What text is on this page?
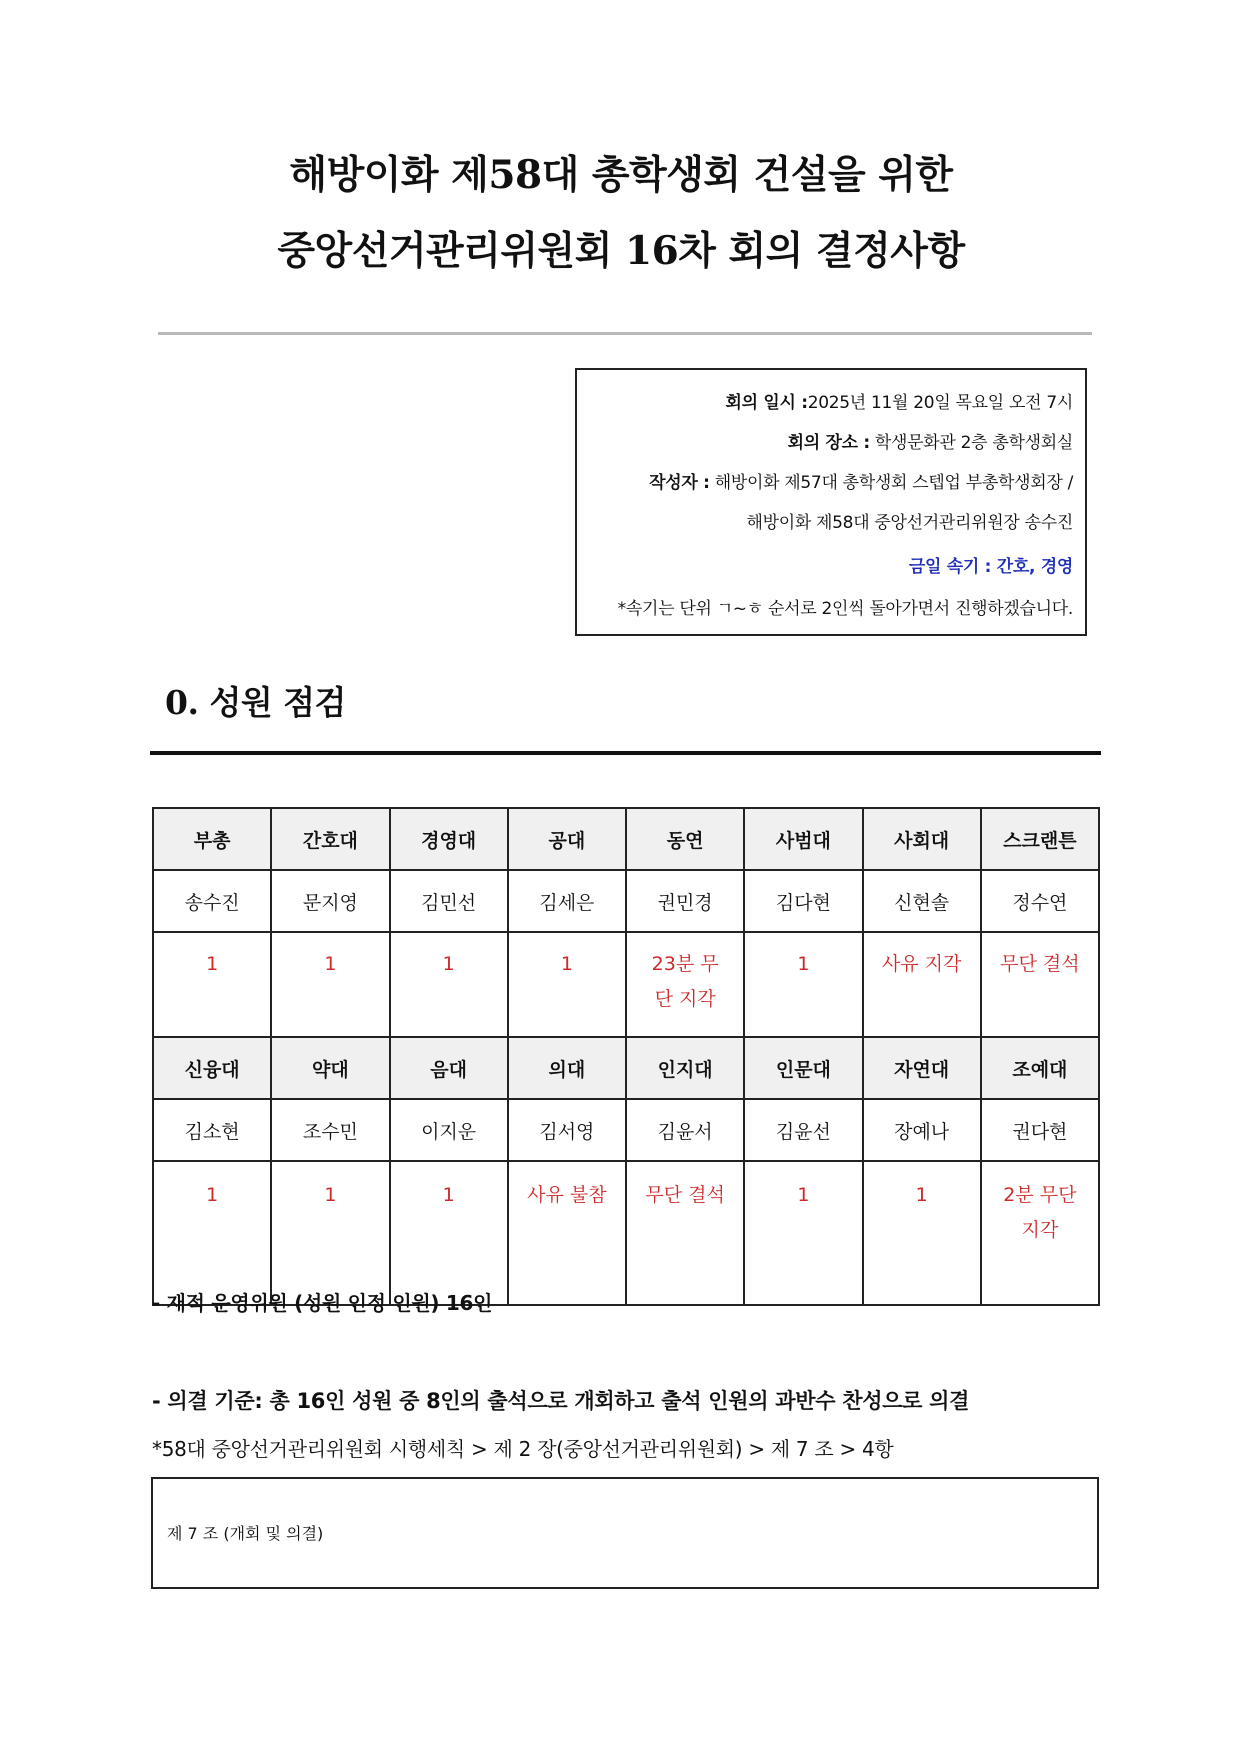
해방이화 제58대 총학생회 건설을 위한
중앙선거관리위원회 16차 회의 결정사항
회의 일시 :2025년 11월 20일 목요일 오전 7시
회의 장소 : 학생문화관 2층 총학생회실
작성자 : 해방이화 제57대 총학생회 스텝업 부총학생회장 /
해방이화 제58대 중앙선거관리위원장 송수진
금일 속기 : 간호, 경영
*속기는 단위 ㄱ~ㅎ 순서로 2인씩 돌아가면서 진행하겠습니다.
0. 성원 점검
부총	간호대	경영대	공대	동연	사범대	사회대	스크랜튼
송수진	문지영	김민선	김세은	권민경	김다현	신현솔	정수연
1	1	1	1	23분 무단 지각	1	사유 지각	무단 결석
신융대	약대	음대	의대	인지대	인문대	자연대	조예대
김소현	조수민	이지운	김서영	김윤서	김윤선	장예나	권다현
1	1	1	사유 불참	무단 결석	1	1	2분 무단 지각
- 재적 운영위원 (성원 인정 인원) 16인
- 의결 기준: 총 16인 성원 중 8인의 출석으로 개회하고 출석 인원의 과반수 찬성으로 의결
*58대 중앙선거관리위원회 시행세칙 > 제 2 장(중앙선거관리위원회) > 제 7 조 > 4항
제 7 조 (개회 및 의결)
